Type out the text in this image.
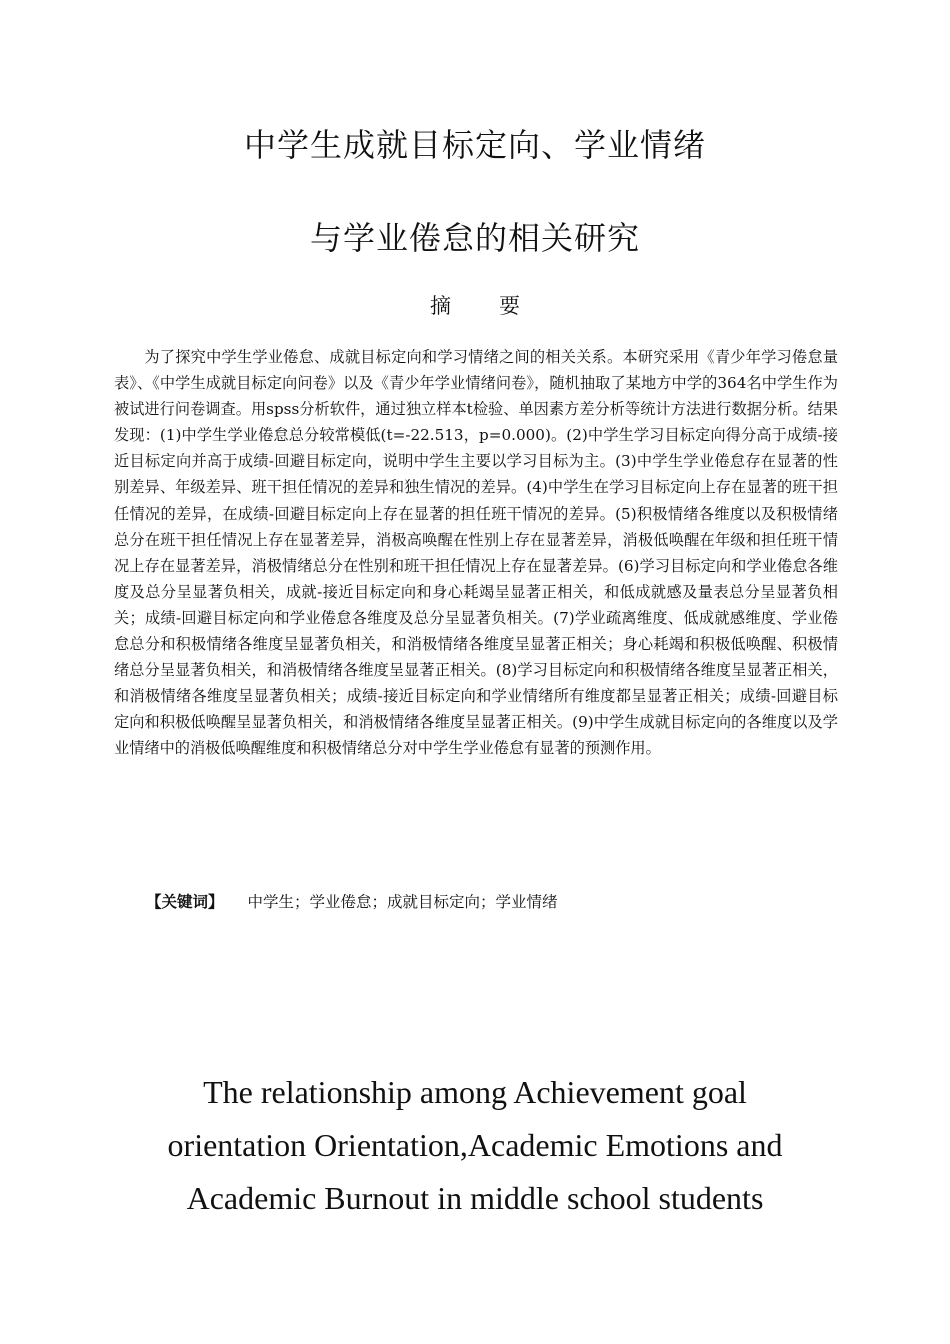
中学生成就目标定向、学业情绪
与学业倦怠的相关研究
摘要

为了探究中学生学业倦怠、成就目标定向和学习情绪之间的相关关系。本研究采用《青少年学习倦怠量表》、《中学生成就目标定向问卷》以及《青少年学业情绪问卷》，随机抽取了某地方中学的364名中学生作为被试进行问卷调查。用spss分析软件，通过独立样本t检验、单因素方差分析等统计方法进行数据分析。结果发现：(1)中学生学业倦怠总分较常模低(t=-22.513，p=0.000)。(2)中学生学习目标定向得分高于成绩-接近目标定向并高于成绩-回避目标定向，说明中学生主要以学习目标为主。(3)中学生学业倦怠存在显著的性别差异、年级差异、班干担任情况的差异和独生情况的差异。(4)中学生在学习目标定向上存在显著的班干担任情况的差异，在成绩-回避目标定向上存在显著的担任班干情况的差异。(5)积极情绪各维度以及积极情绪总分在班干担任情况上存在显著差异，消极高唤醒在性别上存在显著差异，消极低唤醒在年级和担任班干情况上存在显著差异，消极情绪总分在性别和班干担任情况上存在显著差异。(6)学习目标定向和学业倦怠各维度及总分呈显著负相关，成就-接近目标定向和身心耗竭呈显著正相关，和低成就感及量表总分呈显著负相关；成绩-回避目标定向和学业倦怠各维度及总分呈显著负相关。(7)学业疏离维度、低成就感维度、学业倦怠总分和积极情绪各维度呈显著负相关，和消极情绪各维度呈显著正相关；身心耗竭和积极低唤醒、积极情绪总分呈显著负相关，和消极情绪各维度呈显著正相关。(8)学习目标定向和积极情绪各维度呈显著正相关，和消极情绪各维度呈显著负相关；成绩-接近目标定向和学业情绪所有维度都呈显著正相关；成绩-回避目标定向和积极低唤醒呈显著负相关，和消极情绪各维度呈显著正相关。(9)中学生成就目标定向的各维度以及学业情绪中的消极低唤醒维度和积极情绪总分对中学生学业倦怠有显著的预测作用。

【关键词】 中学生；学业倦怠；成就目标定向；学业情绪
The relationship among Achievement goal
orientation Orientation,Academic Emotions and
Academic Burnout in middle school students
